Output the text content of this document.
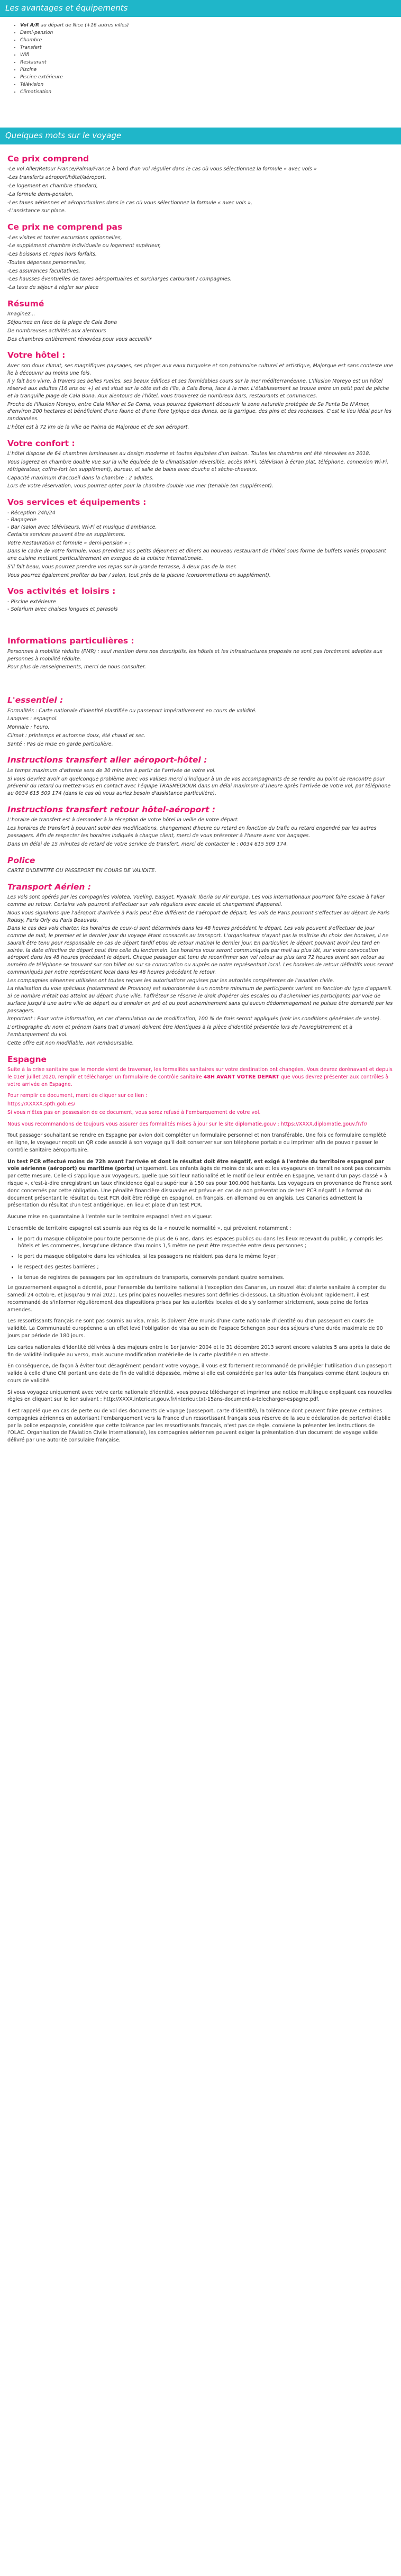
Les avantages et équipements
• Vol A/R au départ de Nice (+16 autres villes)
• Demi-pension
• Chambre
• Transfert
• Wifi
• Restaurant
• Piscine
• Piscine extérieure
• Télévision
• Climatisation
Quelques mots sur le voyage
Ce prix comprend

-Le vol Aller/Retour France/Palma/France à bord d'un vol régulier dans le cas où vous sélectionnez la formule « avec vols »

-Les transferts aéroport/hôtel/aéroport,

-Le logement en chambre standard,

-La formule demi-pension,

-Les taxes aériennes et aéroportuaires dans le cas où vous sélectionnez la formule « avec vols »,

-L'assistance sur place.

Ce prix ne comprend pas

-Les visites et toutes excursions optionnelles,

-Le supplément chambre individuelle ou logement supérieur,

-Les boissons et repas hors forfaits,

-Toutes dépenses personnelles,

-Les assurances facultatives,

-Les hausses éventuelles de taxes aéroportuaires et surcharges carburant / compagnies.

-La taxe de séjour à régler sur place

Résumé

Imaginez...

Séjournez en face de la plage de Cala Bona

De nombreuses activités aux alentours

Des chambres entièrement rénovées pour vous accueillir

Votre hôtel :

Avec son doux climat, ses magnifiques paysages, ses plages aux eaux turquoise et son patrimoine culturel et artistique, Majorque est sans conteste une île à découvrir au moins une fois.

Il y fait bon vivre, à travers ses belles ruelles, ses beaux édifices et ses formidables cours sur la mer méditerranéenne. L'Illusion Moreyo est un hôtel réservé aux adultes (16 ans ou +) et est situé sur la côte est de l'île, à Cala Bona, face à la mer. L'établissement se trouve entre un petit port de pêche et la tranquille plage de Cala Bona. Aux alentours de l'hôtel, vous trouverez de nombreux bars, restaurants et commerces.

Proche de l'Illusion Moreyo, entre Cala Millor et Sa Coma, vous pourrez également découvrir la zone naturelle protégée de Sa Punta De N'Amer, d'environ 200 hectares et bénéficiant d'une faune et d'une flore typique des dunes, de la garrigue, des pins et des rochesses. C'est le lieu idéal pour les randonnées.

L'hôtel est à 72 km de la ville de Palma de Majorque et de son aéroport.

Votre confort :

L'hôtel dispose de 64 chambres lumineuses au design moderne et toutes équipées d'un balcon. Toutes les chambres ont été rénovées en 2018.

Vous logerez en chambre double vue sur la ville équipée de la climatisation réversible, accès Wi-Fi, télévision à écran plat, téléphone, connexion Wi-Fi, réfrigérateur, coffre-fort (en supplément), bureau, et salle de bains avec douche et sèche-cheveux.

Capacité maximum d'accueil dans la chambre : 2 adultes.

Lors de votre réservation, vous pourrez opter pour la chambre double vue mer (tenable (en supplément).

Vos services et équipements :
- Réception 24h/24
- Bagagerie
- Bar (salon avec téléviseurs, Wi-Fi et musique d'ambiance.

Certains services peuvent être en supplément.

Votre Restauration et formule « demi-pension » :

Dans le cadre de votre formule, vous prendrez vos petits déjeuners et dîners au nouveau restaurant de l'hôtel sous forme de buffets variés proposant une cuisine mettant particulièrement en exergue de la cuisine internationale.

S'il fait beau, vous pourrez prendre vos repas sur la grande terrasse, à deux pas de la mer.

Vous pourrez également profiter du bar / salon, tout près de la piscine (consommations en supplément).

Vos activités et loisirs :
- Piscine extérieure
- Solarium avec chaises longues et parasols
Informations particulières :

Personnes à mobilité réduite (PMR) : sauf mention dans nos descriptifs, les hôtels et les infrastructures proposés ne sont pas forcément adaptés aux personnes à mobilité réduite.

Pour plus de renseignements, merci de nous consulter.

L'essentiel :

Formalités : Carte nationale d'identité plastifiée ou passeport impérativement en cours de validité.

Langues : espagnol.

Monnaie : l'euro.

Climat : printemps et automne doux, été chaud et sec.

Santé : Pas de mise en garde particulière.

Instructions transfert aller aéroport-hôtel :

Le temps maximum d'attente sera de 30 minutes à partir de l'arrivée de votre vol.

Si vous devriez avoir un quelconque problème avec vos valises merci d'indiquer à un de vos accompagnants de se rendre au point de rencontre pour prévenir du retard ou mettez-vous en contact avec l'équipe TRASMEDIOUR dans un délai maximum d'1heure après l'arrivée de votre vol, par téléphone au 0034 615 509 174 (dans le cas où vous auriez besoin d'assistance particulière).

Instructions transfert retour hôtel-aéroport :

L'horaire de transfert est à demander à la réception de votre hôtel la veille de votre départ.

Les horaires de transfert à pouvant subir des modifications, changement d'heure ou retard en fonction du trafic ou retard engendré par les autres passagers. Afin de respecter les horaires indiqués à chaque client, merci de vous présenter à l'heure avec vos bagages.

Dans un délai de 15 minutes de retard de votre service de transfert, merci de contacter le : 0034 615 509 174.

Police

CARTE D'IDENTITE OU PASSEPORT EN COURS DE VALIDITE.

Transport Aérien :

Les vols sont opérés par les compagnies Volotea, Vueling, Easyjet, Ryanair, Iberia ou Air Europa. Les vols internationaux pourront faire escale à l'aller comme au retour. Certains vols pourront s'effectuer sur vols réguliers avec escale et changement d'appareil.

Nous vous signalons que l'aéroport d'arrivée à Paris peut être différent de l'aéroport de départ, les vols de Paris pourront s'effectuer au départ de Paris Roissy, Paris Orly ou Paris Beauvais.

Dans le cas des vols charter, les horaires de ceux-ci sont déterminés dans les 48 heures précédant le départ. Les vols peuvent s'effectuer de jour comme de nuit, le premier et le dernier jour du voyage étant consacrés au transport. L'organisateur n'ayant pas la maîtrise du choix des horaires, il ne saurait être tenu pour responsable en cas de départ tardif et/ou de retour matinal le dernier jour. En particulier, le départ pouvant avoir lieu tard en soirée, la date effective de départ peut être celle du lendemain. Les horaires vous seront communiqués par mail au plus tôt, sur votre convocation aéroport dans les 48 heures précédant le départ. Chaque passager est tenu de reconfirmer son vol retour au plus tard 72 heures avant son retour au numéro de téléphone se trouvant sur son billet ou sur sa convocation ou auprès de notre représentant local. Les horaires de retour définitifs vous seront communiqués par notre représentant local dans les 48 heures précédant le retour.

Les compagnies aériennes utilisées ont toutes reçues les autorisations requises par les autorités compétentes de l'aviation civile.

La réalisation du voie spéciaux (notamment de Province) est subordonnée à un nombre minimum de participants variant en fonction du type d'appareil. Si ce nombre n'était pas atteint au départ d'une ville, l'affréteur se réserve le droit d'opérer des escales ou d'acheminer les participants par voie de surface jusqu'à une autre ville de départ ou d'annuler en pré et ou post acheminement sans qu'aucun dédommagement ne puisse être demandé par les passagers.

Important : Pour votre information, en cas d'annulation ou de modification, 100 % de frais seront appliqués (voir les conditions générales de vente).

L'orthographe du nom et prénom (sans trait d'union) doivent être identiques à la pièce d'identité présentée lors de l'enregistrement et à l'embarquement du vol.

Cette offre est non modifiable, non remboursable.

Espagne

Suite à la crise sanitaire que le monde vient de traverser, les formalités sanitaires sur votre destination ont changées. Vous devrez dorénavant et depuis le 01er juillet 2020, remplir et télécharger un formulaire de contrôle sanitaire 48H AVANT VOTRE DEPART que vous devrez présenter aux contrôles à votre arrivée en Espagne.

Pour remplir ce document, merci de cliquer sur ce lien :

https://XXXXX.spth.gob.es/

Si vous n'êtes pas en possession de ce document, vous serez refusé à l'embarquement de votre vol.

Nous vous recommandons de toujours vous assurer des formalités mises à jour sur le site diplomatie.gouv : https://XXXX.diplomatie.gouv.fr/fr/

Tout passager souhaitant se rendre en Espagne par avion doit compléter un formulaire personnel et non transférable. Une fois ce formulaire complété en ligne, le voyageur reçoit un QR code associé à son voyage qu'il doit conserver sur son téléphone portable ou imprimer afin de pouvoir passer le contrôle sanitaire aéroportuaire.

Un test PCR effectué moins de 72h avant l'arrivée et dont le résultat doit être négatif, est exigé à l'entrée du territoire espagnol par voie aérienne (aéroport) ou maritime (ports) uniquement. Les enfants âgés de moins de six ans et les voyageurs en transit ne sont pas concernés par cette mesure. Celle-ci s'applique aux voyageurs, quelle que soit leur nationalité et le motif de leur entrée en Espagne, venant d'un pays classé « à risque », c'est-à-dire enregistrant un taux d'incidence égal ou supérieur à 150 cas pour 100.000 habitants. Les voyageurs en provenance de France sont donc concernés par cette obligation. Une pénalité financière dissuasive est prévue en cas de non présentation de test PCR négatif. Le format du document présentant le résultat du test PCR doit être rédigé en espagnol, en français, en allemand ou en anglais. Les Canaries admettent la présentation du résultat d'un test antigénique, en lieu et place d'un test PCR.

Aucune mise en quarantaine à l'entrée sur le territoire espagnol n'est en vigueur.

L'ensemble de territoire espagnol est soumis aux règles de la « nouvelle normalité », qui prévoient notamment :

• le port du masque obligatoire pour toute personne de plus de 6 ans, dans les espaces publics ou dans les lieux recevant du public, y compris les hôtels et les commerces, lorsqu'une distance d'au moins 1,5 mètre ne peut être respectée entre deux personnes ;
• le port du masque obligatoire dans les véhicules, si les passagers ne résident pas dans le même foyer ;
• le respect des gestes barrières ;
• la tenue de registres de passagers par les opérateurs de transports, conservés pendant quatre semaines.

Le gouvernement espagnol a décrété, pour l'ensemble du territoire national à l'exception des Canaries, un nouvel état d'alerte sanitaire à compter du samedi 24 octobre, et jusqu'au 9 mai 2021. Les principales nouvelles mesures sont définies ci-dessous. La situation évoluant rapidement, il est recommandé de s'informer régulièrement des dispositions prises par les autorités locales et de s'y conformer strictement, sous peine de fortes amendes.

Les ressortissants français ne sont pas soumis au visa, mais ils doivent être munis d'une carte nationale d'identité ou d'un passeport en cours de validité. La Communauté européenne a un effet levé l'obligation de visa au sein de l'espace Schengen pour des séjours d'une durée maximale de 90 jours par période de 180 jours.

Les cartes nationales d'identité délivrées à des majeurs entre le 1er janvier 2004 et le 31 décembre 2013 seront encore valables 5 ans après la date de fin de validité indiquée au verso, mais aucune modification matérielle de la carte plastifiée n'en atteste.

En conséquence, de façon à éviter tout désagrément pendant votre voyage, il vous est fortement recommandé de privilégier l'utilisation d'un passeport valide à celle d'une CNI portant une date de fin de validité dépassée, même si elle est considérée par les autorités françaises comme étant toujours en cours de validité.

Si vous voyagez uniquement avec votre carte nationale d'identité, vous pouvez télécharger et imprimer une notice multilingue expliquant ces nouvelles règles en cliquant sur le lien suivant : http://XXXX.interieur.gouv.fr/interieur.txt-15ans-document-a-telecharger-espagne.pdf.

Il est rappelé que en cas de perte ou de vol des documents de voyage (passeport, carte d'identité), la tolérance dont peuvent faire preuve certaines compagnies aériennes en autorisant l'embarquement vers la France d'un ressortissant français sous réserve de la seule déclaration de perte/vol établie par la police espagnole, considère que cette tolérance par les ressortissants français, n'est pas de règle. conviene la présenter les instructions de l'OLAC. Organisation de l'Aviation Civile Internationale), les compagnies aériennes peuvent exiger la présentation d'un document de voyage valide délivré par une autorité consulaire française.
